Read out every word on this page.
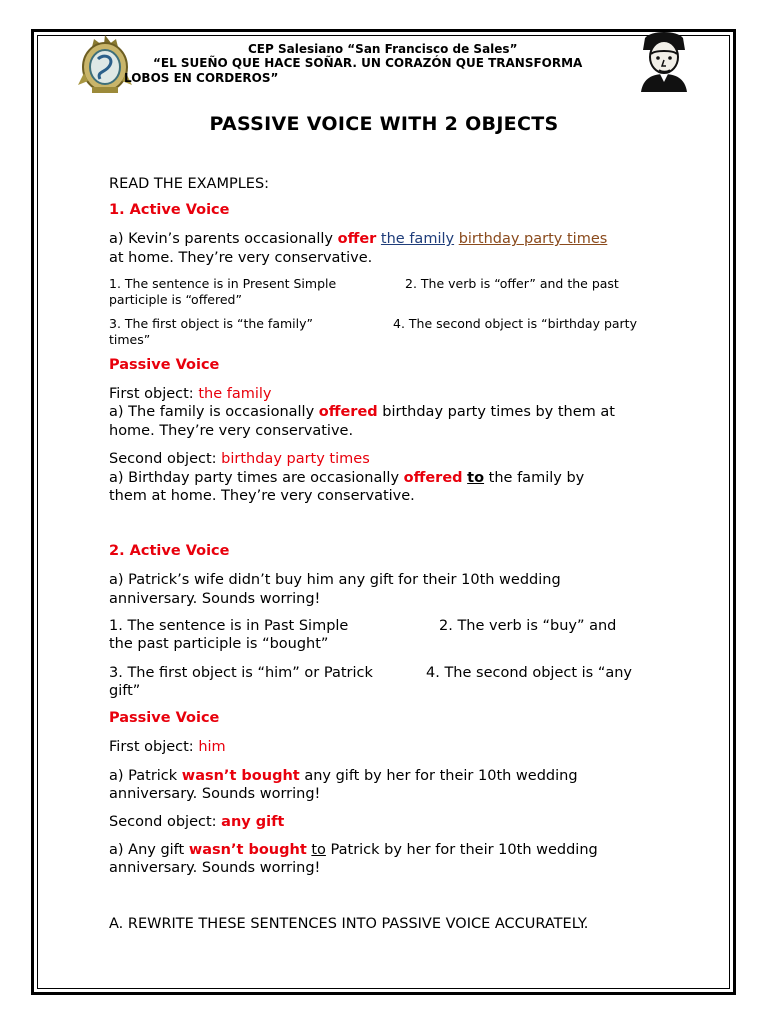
CEP Salesiano “San Francisco de Sales”
“EL SUEÑO QUE HACE SOÑAR. UN CORAZÓN QUE TRANSFORMA
LOBOS EN CORDEROS”
PASSIVE VOICE WITH 2 OBJECTS
READ THE EXAMPLES:
1. Active Voice
a) Kevin’s parents occasionally offer the family birthday party times
at home. They’re very conservative.
1. The sentence is in Present Simple
participle is “offered”
2. The verb is “offer” and the past
3. The first object is “the family”
times”
4. The second object is “birthday party
Passive Voice
First object: the family
a) The family is occasionally offered birthday party times by them at
home. They’re very conservative.
Second object: birthday party times
a) Birthday party times are occasionally offered to the family by
them at home. They’re very conservative.
2. Active Voice
a) Patrick’s wife didn’t buy him any gift for their 10th wedding
anniversary. Sounds worring!
1. The sentence is in Past Simple
the past participle is “bought”
2. The verb is “buy” and
3. The first object is “him” or Patrick
gift”
4. The second object is “any
Passive Voice
First object: him
a) Patrick wasn’t bought any gift by her for their 10th wedding
anniversary. Sounds worring!
Second object: any gift
a) Any gift wasn’t bought to Patrick by her for their 10th wedding
anniversary. Sounds worring!
A. REWRITE THESE SENTENCES INTO PASSIVE VOICE ACCURATELY.
